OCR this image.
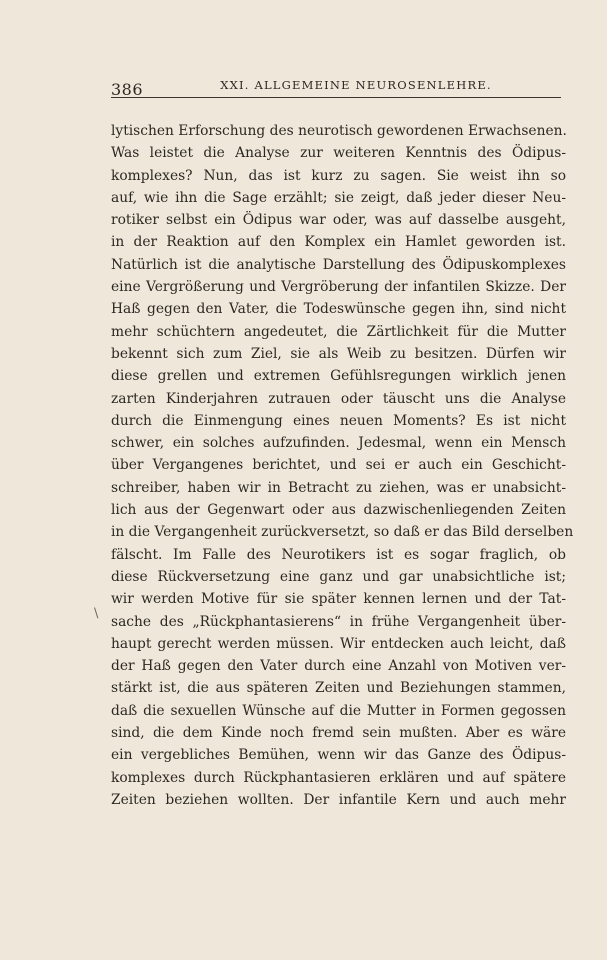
386	XXI. ALLGEMEINE NEUROSENLEHRE.
\
lytischen Erforschung des neurotisch gewordenen Erwachsenen.
Was leistet die Analyse zur weiteren Kenntnis des Ödipus-
komplexes? Nun, das ist kurz zu sagen. Sie weist ihn so
auf, wie ihn die Sage erzählt; sie zeigt, daß jeder dieser Neu-
rotiker selbst ein Ödipus war oder, was auf dasselbe ausgeht,
in der Reaktion auf den Komplex ein Hamlet geworden ist.
Natürlich ist die analytische Darstellung des Ödipuskomplexes
eine Vergrößerung und Vergröberung der infantilen Skizze. Der
Haß gegen den Vater, die Todeswünsche gegen ihn, sind nicht
mehr schüchtern angedeutet, die Zärtlichkeit für die Mutter
bekennt sich zum Ziel, sie als Weib zu besitzen. Dürfen wir
diese grellen und extremen Gefühlsregungen wirklich jenen
zarten Kinderjahren zutrauen oder täuscht uns die Analyse
durch die Einmengung eines neuen Moments? Es ist nicht
schwer, ein solches aufzufinden. Jedesmal, wenn ein Mensch
über Vergangenes berichtet, und sei er auch ein Geschicht-
schreiber, haben wir in Betracht zu ziehen, was er unabsicht-
lich aus der Gegenwart oder aus dazwischenliegenden Zeiten
in die Vergangenheit zurückversetzt, so daß er das Bild derselben
fälscht. Im Falle des Neurotikers ist es sogar fraglich, ob
diese Rückversetzung eine ganz und gar unabsichtliche ist;
wir werden Motive für sie später kennen lernen und der Tat-
sache des „Rückphantasierens“ in frühe Vergangenheit über-
haupt gerecht werden müssen. Wir entdecken auch leicht, daß
der Haß gegen den Vater durch eine Anzahl von Motiven ver-
stärkt ist, die aus späteren Zeiten und Beziehungen stammen,
daß die sexuellen Wünsche auf die Mutter in Formen gegossen
sind, die dem Kinde noch fremd sein mußten. Aber es wäre
ein vergebliches Bemühen, wenn wir das Ganze des Ödipus-
komplexes durch Rückphantasieren erklären und auf spätere
Zeiten beziehen wollten. Der infantile Kern und auch mehr
